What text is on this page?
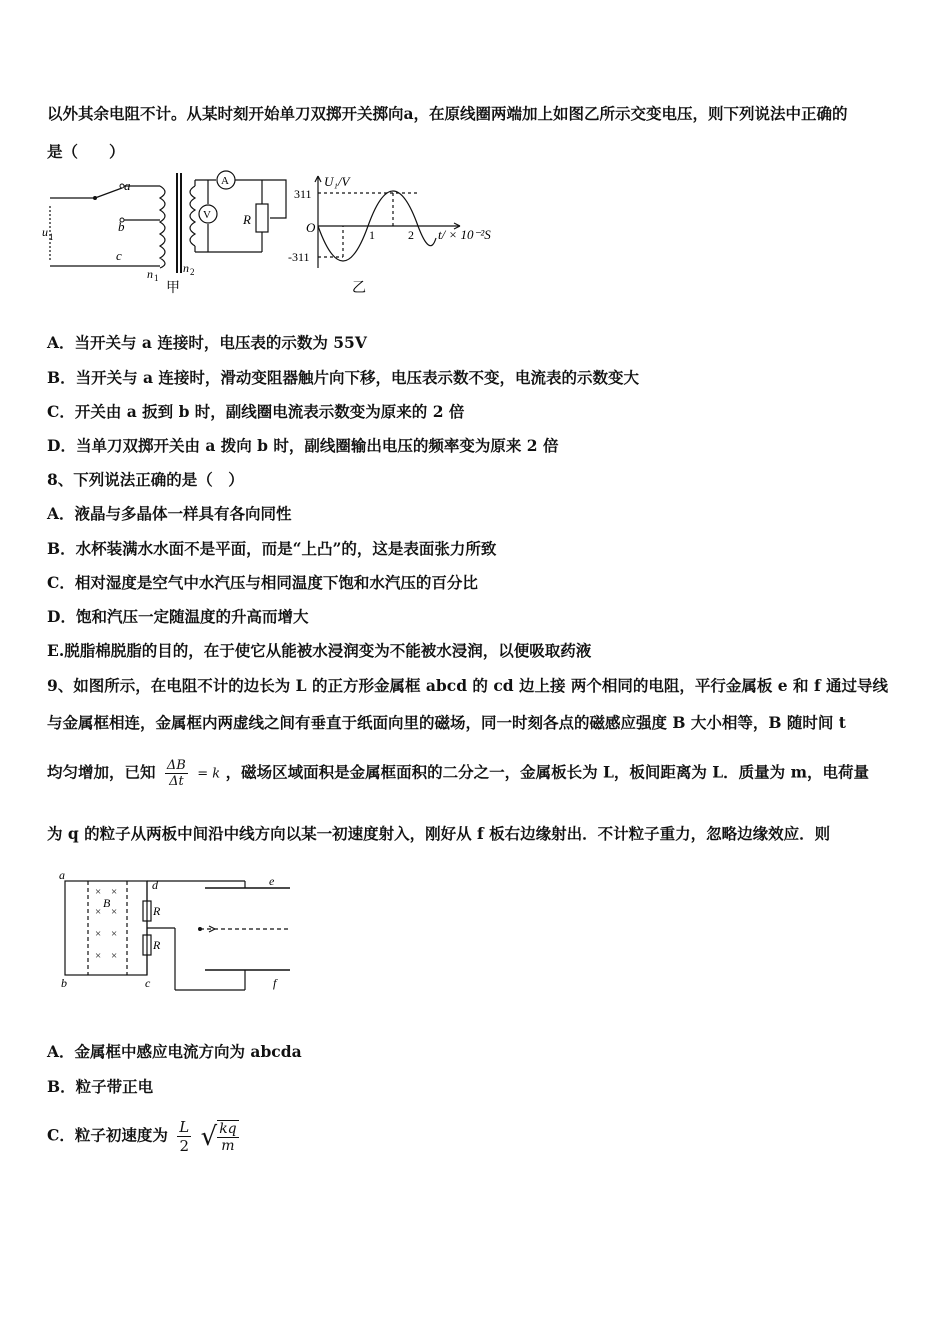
以外其余电阻不计。从某时刻开始单刀双掷开关掷向a，在原线圈两端加上如图乙所示交变电压，则下列说法中正确的
是（　　）
a
b
c
u 1
n 1
n 2
A
V R
甲	乙
U₁/V
311
-311
O	1	2 t/ × 10⁻²S
A．当开关与 a 连接时，电压表的示数为 55V
B．当开关与 a 连接时，滑动变阻器触片向下移，电压表示数不变，电流表的示数变大
C．开关由 a 扳到 b 时，副线圈电流表示数变为原来的 2 倍
D．当单刀双掷开关由 a 拨向 b 时，副线圈输出电压的频率变为原来 2 倍
8、下列说法正确的是（　）
A．液晶与多晶体一样具有各向同性
B．水杯装满水水面不是平面，而是“上凸”的，这是表面张力所致
C．相对湿度是空气中水汽压与相同温度下饱和水汽压的百分比
D．饱和汽压一定随温度的升高而增大
E.脱脂棉脱脂的目的，在于使它从能被水浸润变为不能被水浸润，以便吸取药液
9、如图所示，在电阻不计的边长为 L 的正方形金属框 abcd 的 cd 边上接 两个相同的电阻，平行金属板 e 和 f 通过导线
与金属框相连，金属框内两虚线之间有垂直于纸面向里的磁场，同一时刻各点的磁感应强度 B 大小相等，B 随时间 t
均匀增加，已知 $\frac{\Delta B}{\Delta t} = k$ ，磁场区域面积是金属框面积的二分之一，金属板长为 L，板间距离为 L．质量为 m，电荷量
为 q 的粒子从两板中间沿中线方向以某一初速度射入，刚好从 f 板右边缘射出．不计粒子重力，忽略边缘效应．则
× ×
× ×
× ×
× ×
a
b	c
d	e
f
B
R
R
A．金属框中感应电流方向为 abcda
B．粒子带正电
C．粒子初速度为 $\frac{L}{2}$ √ $\frac{kq}{m}$
